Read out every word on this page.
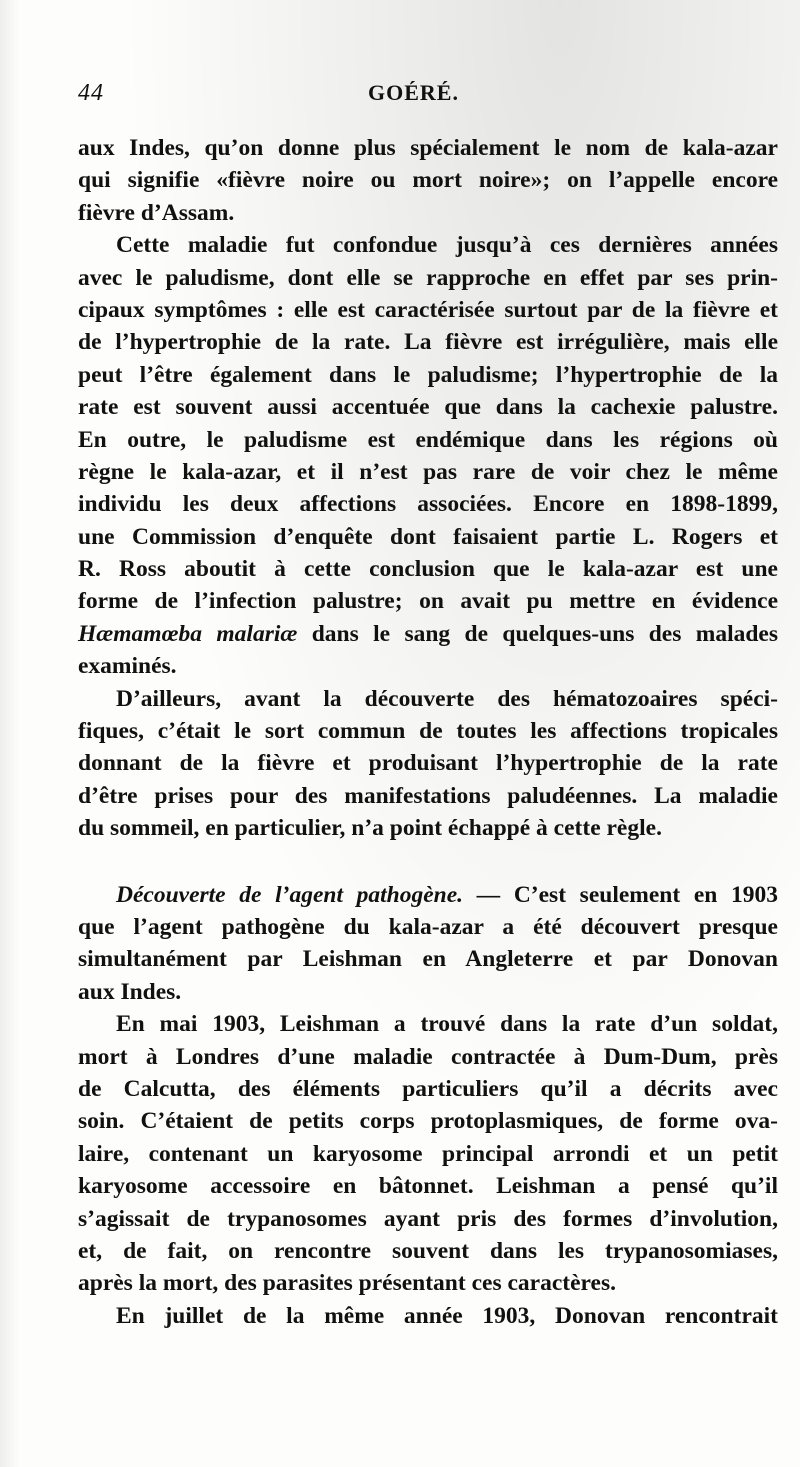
44	GOÉRÉ.
aux Indes, qu’on donne plus spécialement le nom de kala-azar
qui signifie «fièvre noire ou mort noire»; on l’appelle encore
fièvre d’Assam.
Cette maladie fut confondue jusqu’à ces dernières années
avec le paludisme, dont elle se rapproche en effet par ses prin-
cipaux symptômes : elle est caractérisée surtout par de la fièvre et
de l’hypertrophie de la rate. La fièvre est irrégulière, mais elle
peut l’être également dans le paludisme; l’hypertrophie de la
rate est souvent aussi accentuée que dans la cachexie palustre.
En outre, le paludisme est endémique dans les régions où
règne le kala-azar, et il n’est pas rare de voir chez le même
individu les deux affections associées. Encore en 1898-1899,
une Commission d’enquête dont faisaient partie L. Rogers et
R. Ross aboutit à cette conclusion que le kala-azar est une
forme de l’infection palustre; on avait pu mettre en évidence
Hæmamœba malariæ dans le sang de quelques-uns des malades
examinés.
D’ailleurs, avant la découverte des hématozoaires spéci-
fiques, c’était le sort commun de toutes les affections tropicales
donnant de la fièvre et produisant l’hypertrophie de la rate
d’être prises pour des manifestations paludéennes. La maladie
du sommeil, en particulier, n’a point échappé à cette règle.
Découverte de l’agent pathogène. — C’est seulement en 1903
que l’agent pathogène du kala-azar a été découvert presque
simultanément par Leishman en Angleterre et par Donovan
aux Indes.
En mai 1903, Leishman a trouvé dans la rate d’un soldat,
mort à Londres d’une maladie contractée à Dum-Dum, près
de Calcutta, des éléments particuliers qu’il a décrits avec
soin. C’étaient de petits corps protoplasmiques, de forme ova-
laire, contenant un karyosome principal arrondi et un petit
karyosome accessoire en bâtonnet. Leishman a pensé qu’il
s’agissait de trypanosomes ayant pris des formes d’involution,
et, de fait, on rencontre souvent dans les trypanosomiases,
après la mort, des parasites présentant ces caractères.
En juillet de la même année 1903, Donovan rencontrait
